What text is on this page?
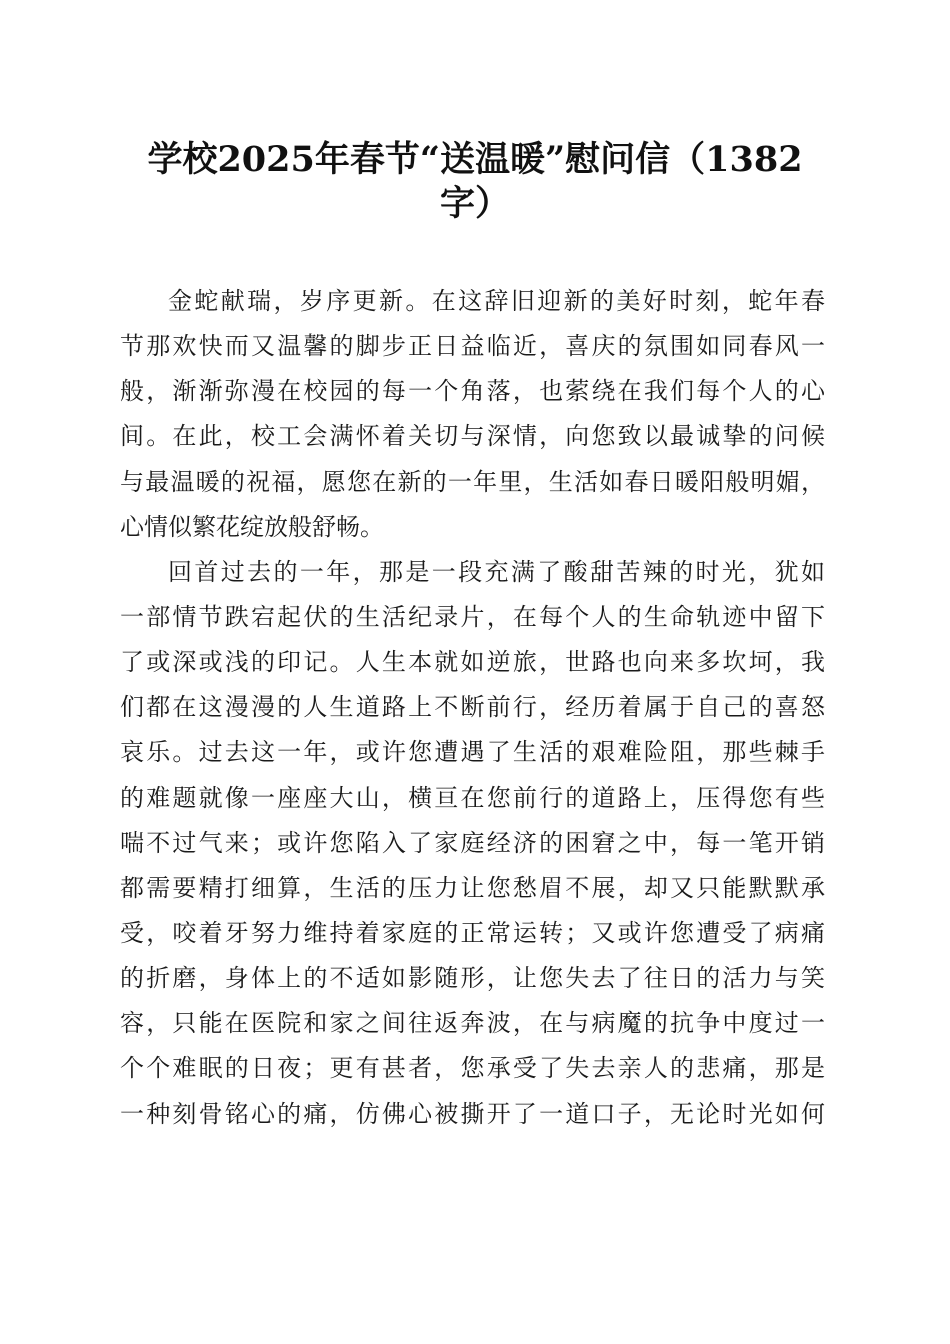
学校2025年春节“送温暖”慰问信（1382
字）
金蛇献瑞，岁序更新。在这辞旧迎新的美好时刻，蛇年春
节那欢快而又温馨的脚步正日益临近，喜庆的氛围如同春风一
般，渐渐弥漫在校园的每一个角落，也萦绕在我们每个人的心
间。在此，校工会满怀着关切与深情，向您致以最诚挚的问候
与最温暖的祝福，愿您在新的一年里，生活如春日暖阳般明媚，
心情似繁花绽放般舒畅。
回首过去的一年，那是一段充满了酸甜苦辣的时光，犹如
一部情节跌宕起伏的生活纪录片，在每个人的生命轨迹中留下
了或深或浅的印记。人生本就如逆旅，世路也向来多坎坷，我
们都在这漫漫的人生道路上不断前行，经历着属于自己的喜怒
哀乐。过去这一年，或许您遭遇了生活的艰难险阻，那些棘手
的难题就像一座座大山，横亘在您前行的道路上，压得您有些
喘不过气来；或许您陷入了家庭经济的困窘之中，每一笔开销
都需要精打细算，生活的压力让您愁眉不展，却又只能默默承
受，咬着牙努力维持着家庭的正常运转；又或许您遭受了病痛
的折磨，身体上的不适如影随形，让您失去了往日的活力与笑
容，只能在医院和家之间往返奔波，在与病魔的抗争中度过一
个个难眠的日夜；更有甚者，您承受了失去亲人的悲痛，那是
一种刻骨铭心的痛，仿佛心被撕开了一道口子，无论时光如何
